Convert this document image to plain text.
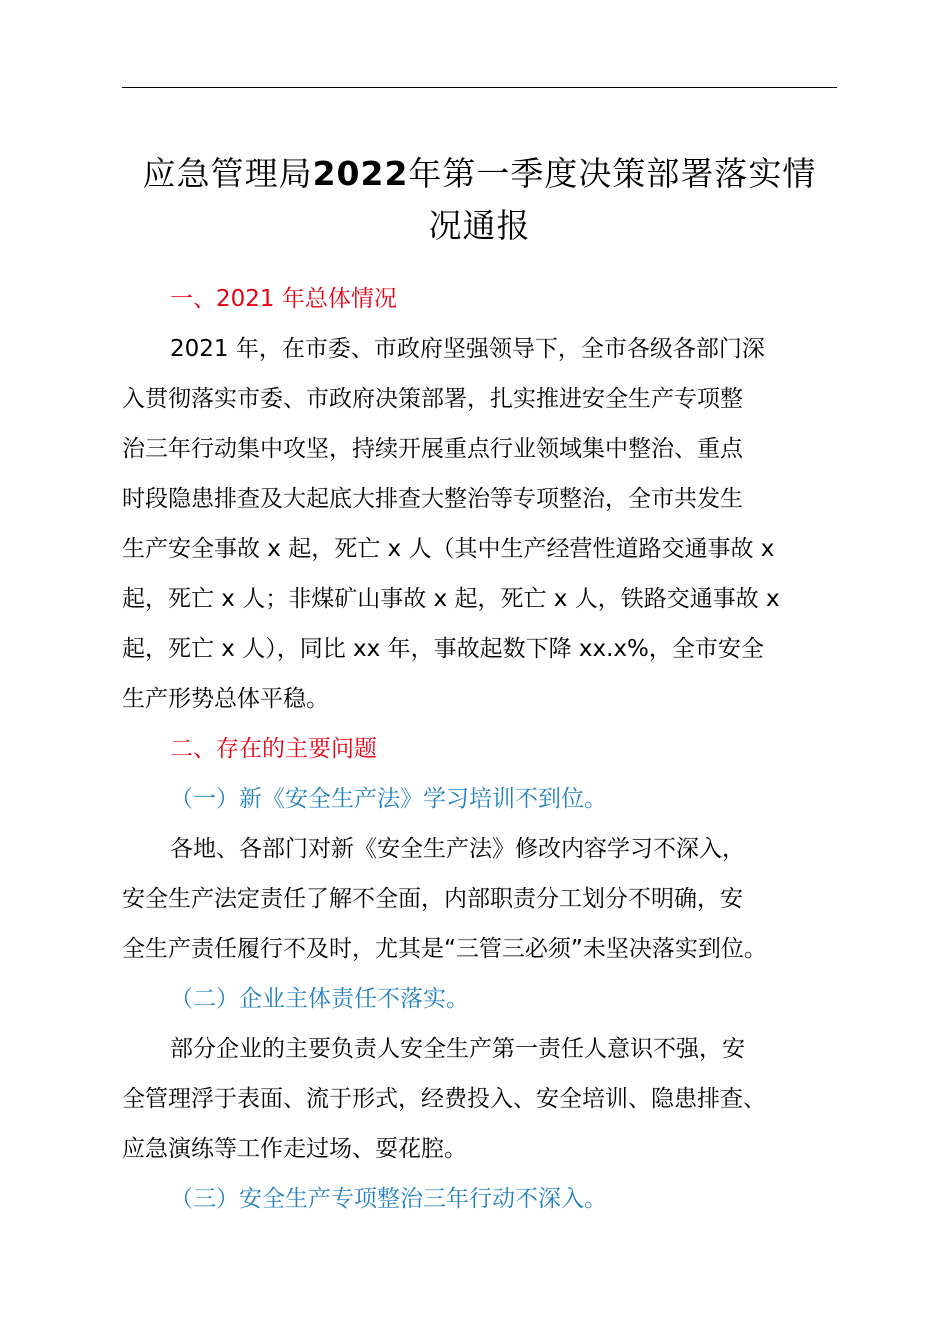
应急管理局2022年第一季度决策部署落实情
况通报

一、2021 年总体情况

2021 年，在市委、市政府坚强领导下，全市各级各部门深
入贯彻落实市委、市政府决策部署，扎实推进安全生产专项整
治三年行动集中攻坚，持续开展重点行业领域集中整治、重点
时段隐患排查及大起底大排查大整治等专项整治，全市共发生
生产安全事故 x 起，死亡 x 人（其中生产经营性道路交通事故 x
起，死亡 x 人；非煤矿山事故 x 起，死亡 x 人，铁路交通事故 x
起，死亡 x 人），同比 xx 年，事故起数下降 xx.x%，全市安全
生产形势总体平稳。

二、存在的主要问题

（一）新《安全生产法》学习培训不到位。

各地、各部门对新《安全生产法》修改内容学习不深入，
安全生产法定责任了解不全面，内部职责分工划分不明确，安
全生产责任履行不及时，尤其是“三管三必须”未坚决落实到位。

（二）企业主体责任不落实。

部分企业的主要负责人安全生产第一责任人意识不强，安
全管理浮于表面、流于形式，经费投入、安全培训、隐患排查、
应急演练等工作走过场、耍花腔。

（三）安全生产专项整治三年行动不深入。
